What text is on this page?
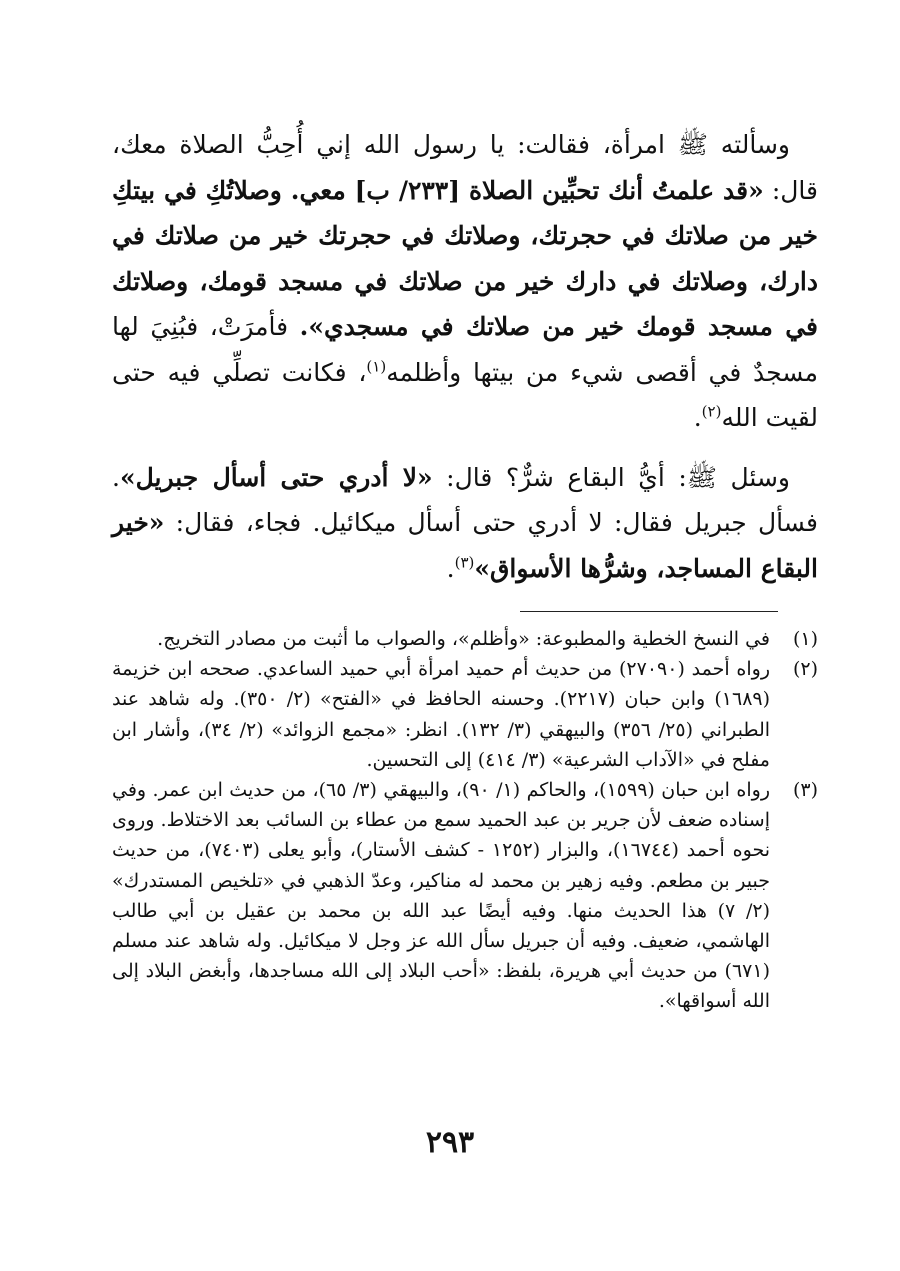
وسألته ﷺ امرأة، فقالت: يا رسول الله إني أُحِبُّ الصلاة معك، قال: «قد علمتُ أنك تحبِّين الصلاة [٢٣٣/ ب] معي. وصلاتُكِ في بيتكِ خير من صلاتك في حجرتك، وصلاتك في حجرتك خير من صلاتك في دارك، وصلاتك في دارك خير من صلاتك في مسجد قومك، وصلاتك في مسجد قومك خير من صلاتك في مسجدي». فأمرَتْ، فبُنِيَ لها مسجدٌ في أقصى شيء من بيتها وأظلمه$^{(١)}$، فكانت تصلِّي فيه حتى لقيت الله$^{(٢)}$.

وسئل ﷺ: أيُّ البقاع شرٌّ؟ قال: «لا أدري حتى أسأل جبريل». فسأل جبريل فقال: لا أدري حتى أسأل ميكائيل. فجاء، فقال: «خير البقاع المساجد، وشرُّها الأسواق»$^{(٣)}$.

(١)
في النسخ الخطية والمطبوعة: «وأظلم»، والصواب ما أثبت من مصادر التخريج.
(٢)
رواه أحمد (٢٧٠٩٠) من حديث أم حميد امرأة أبي حميد الساعدي. صححه ابن خزيمة (١٦٨٩) وابن حبان (٢٢١٧). وحسنه الحافظ في «الفتح» (٢/ ٣٥٠). وله شاهد عند الطبراني (٢٥/ ٣٥٦) والبيهقي (٣/ ١٣٢). انظر: «مجمع الزوائد» (٢/ ٣٤)، وأشار ابن مفلح في «الآداب الشرعية» (٣/ ٤١٤) إلى التحسين.
(٣)
رواه ابن حبان (١٥٩٩)، والحاكم (١/ ٩٠)، والبيهقي (٣/ ٦٥)، من حديث ابن عمر. وفي إسناده ضعف لأن جرير بن عبد الحميد سمع من عطاء بن السائب بعد الاختلاط. وروى نحوه أحمد (١٦٧٤٤)، والبزار (١٢٥٢ - كشف الأستار)، وأبو يعلى (٧٤٠٣)، من حديث جبير بن مطعم. وفيه زهير بن محمد له مناكير، وعدّ الذهبي في «تلخيص المستدرك» (٢/ ٧) هذا الحديث منها. وفيه أيضًا عبد الله بن محمد بن عقيل بن أبي طالب الهاشمي، ضعيف. وفيه أن جبريل سأل الله عز وجل لا ميكائيل. وله شاهد عند مسلم (٦٧١) من حديث أبي هريرة، بلفظ: «أحب البلاد إلى الله مساجدها، وأبغض البلاد إلى الله أسواقها».
٢٩٣
